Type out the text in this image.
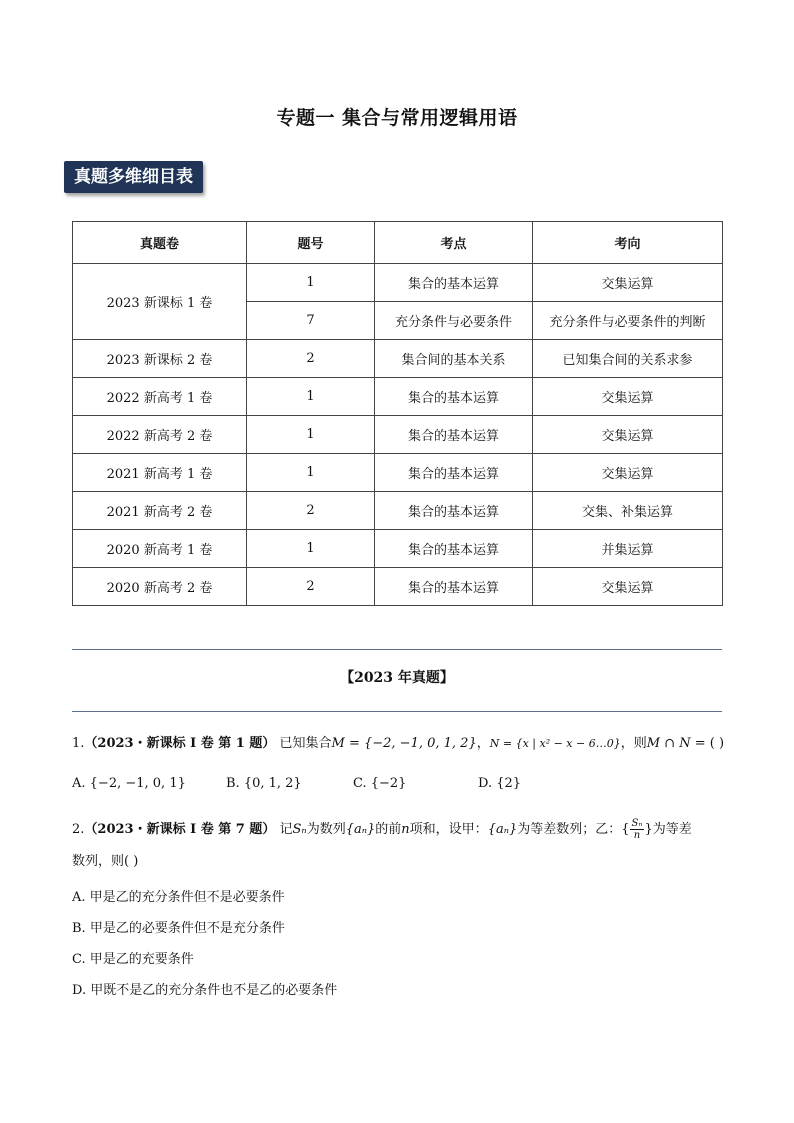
专题一 集合与常用逻辑用语
真题多维细目表
真题卷	题号	考点	考向
2023 新课标 1 卷	1	集合的基本运算	交集运算
	7	充分条件与必要条件	充分条件与必要条件的判断
2023 新课标 2 卷	2	集合间的基本关系	已知集合间的关系求参
2022 新高考 1 卷	1	集合的基本运算	交集运算
2022 新高考 2 卷	1	集合的基本运算	交集运算
2021 新高考 1 卷	1	集合的基本运算	交集运算
2021 新高考 2 卷	2	集合的基本运算	交集、补集运算
2020 新高考 1 卷	1	集合的基本运算	并集运算
2020 新高考 2 卷	2	集合的基本运算	交集运算
【2023 年真题】
1.（2023・新课标 I 卷 第 1 题） 已知集合M = {−2, −1, 0, 1, 2}，N = {x | x² − x − 6…0}，则M ∩ N = ( )
A. {−2, −1, 0, 1}	B. {0, 1, 2}	C. {−2}	D. {2}
2.（2023・新课标 I 卷 第 7 题） 记Sₙ为数列{aₙ}的前n项和，设甲：{aₙ}为等差数列；乙：{ $\frac{\text{Sₙ}}{n}$ }为等差
数列，则( )
A. 甲是乙的充分条件但不是必要条件
B. 甲是乙的必要条件但不是充分条件
C. 甲是乙的充要条件
D. 甲既不是乙的充分条件也不是乙的必要条件
